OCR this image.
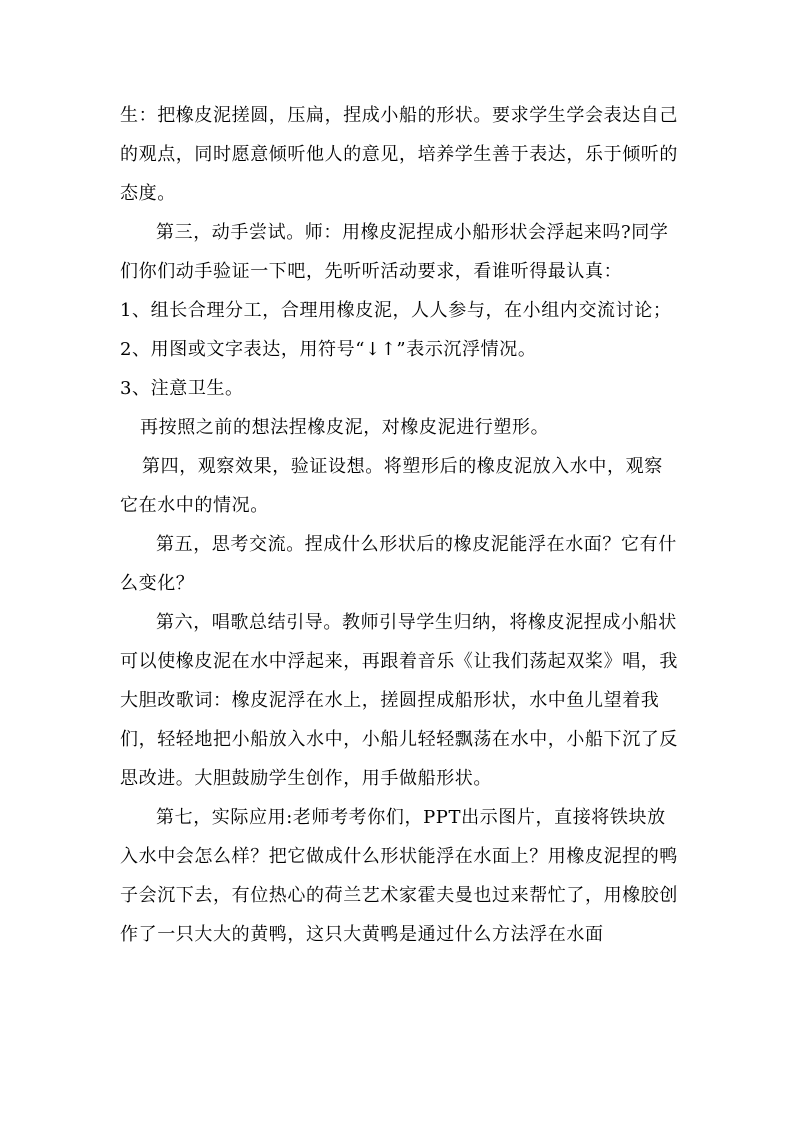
生：把橡皮泥搓圆，压扁，捏成小船的形状。要求学生学会表达自己的观点，同时愿意倾听他人的意见，培养学生善于表达，乐于倾听的态度。

第三，动手尝试。师：用橡皮泥捏成小船形状会浮起来吗?同学们你们动手验证一下吧，先听听活动要求，看谁听得最认真：

1、组长合理分工，合理用橡皮泥，人人参与，在小组内交流讨论；

2、用图或文字表达，用符号“↓↑”表示沉浮情况。

3、注意卫生。

再按照之前的想法捏橡皮泥，对橡皮泥进行塑形。

第四，观察效果，验证设想。将塑形后的橡皮泥放入水中，观察它在水中的情况。

第五，思考交流。捏成什么形状后的橡皮泥能浮在水面？它有什么变化？

第六，唱歌总结引导。教师引导学生归纳，将橡皮泥捏成小船状可以使橡皮泥在水中浮起来，再跟着音乐《让我们荡起双桨》唱，我大胆改歌词：橡皮泥浮在水上，搓圆捏成船形状，水中鱼儿望着我们，轻轻地把小船放入水中，小船儿轻轻飘荡在水中，小船下沉了反思改进。大胆鼓励学生创作，用手做船形状。

第七，实际应用:老师考考你们，PPT出示图片，直接将铁块放入水中会怎么样？把它做成什么形状能浮在水面上？用橡皮泥捏的鸭子会沉下去，有位热心的荷兰艺术家霍夫曼也过来帮忙了，用橡胶创作了一只大大的黄鸭，这只大黄鸭是通过什么方法浮在水面
